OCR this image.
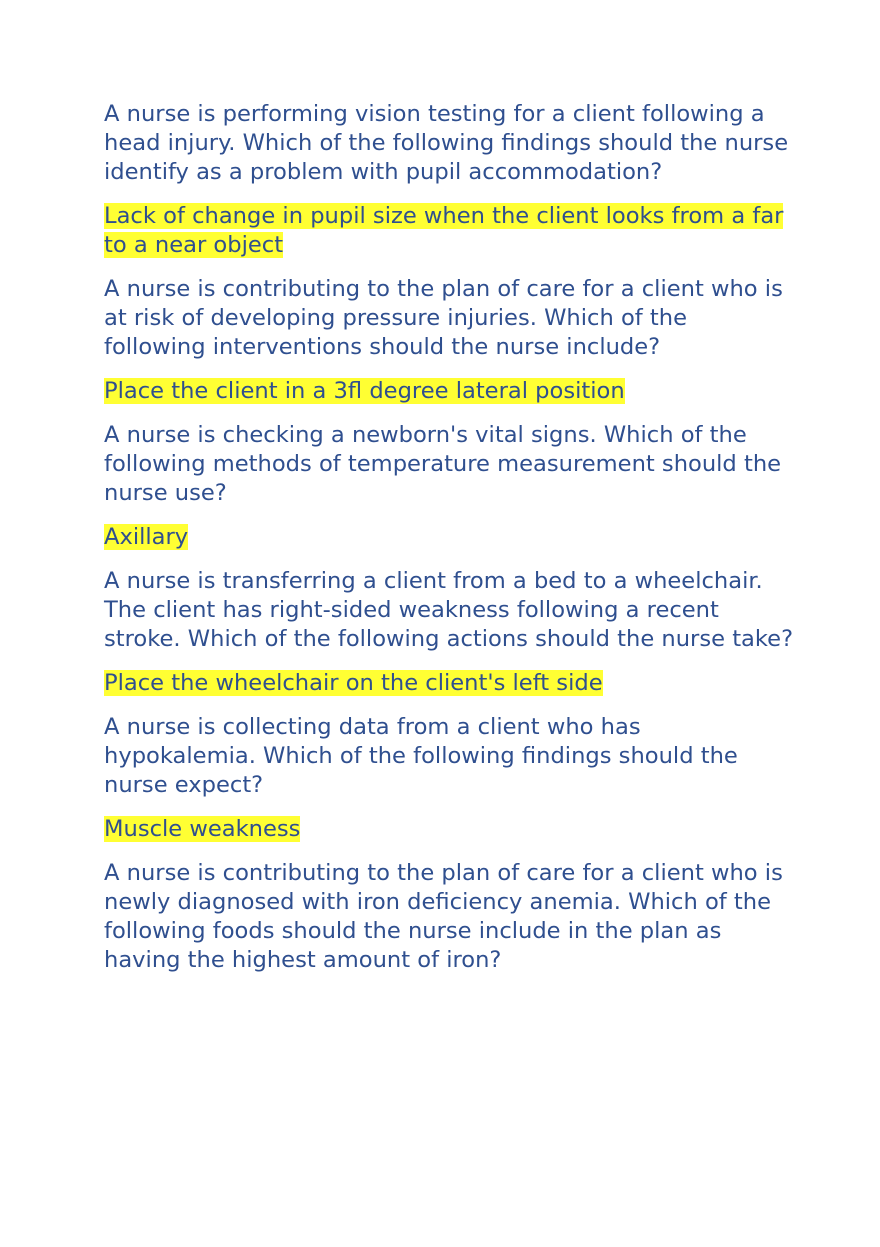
A nurse is performing vision testing for a client following a head injury. Which of the following findings should the nurse identify as a problem with pupil accommodation?

Lack of change in pupil size when the client looks from a far to a near object

A nurse is contributing to the plan of care for a client who is at risk of developing pressure injuries. Which of the following interventions should the nurse include?

Place the client in a 3fl degree lateral position

A nurse is checking a newborn's vital signs. Which of the following methods of temperature measurement should the nurse use?

Axillary

A nurse is transferring a client from a bed to a wheelchair. The client has right-sided weakness following a recent stroke. Which of the following actions should the nurse take?

Place the wheelchair on the client's left side

A nurse is collecting data from a client who has hypokalemia. Which of the following findings should the nurse expect?

Muscle weakness

A nurse is contributing to the plan of care for a client who is newly diagnosed with iron deficiency anemia. Which of the following foods should the nurse include in the plan as having the highest amount of iron?
